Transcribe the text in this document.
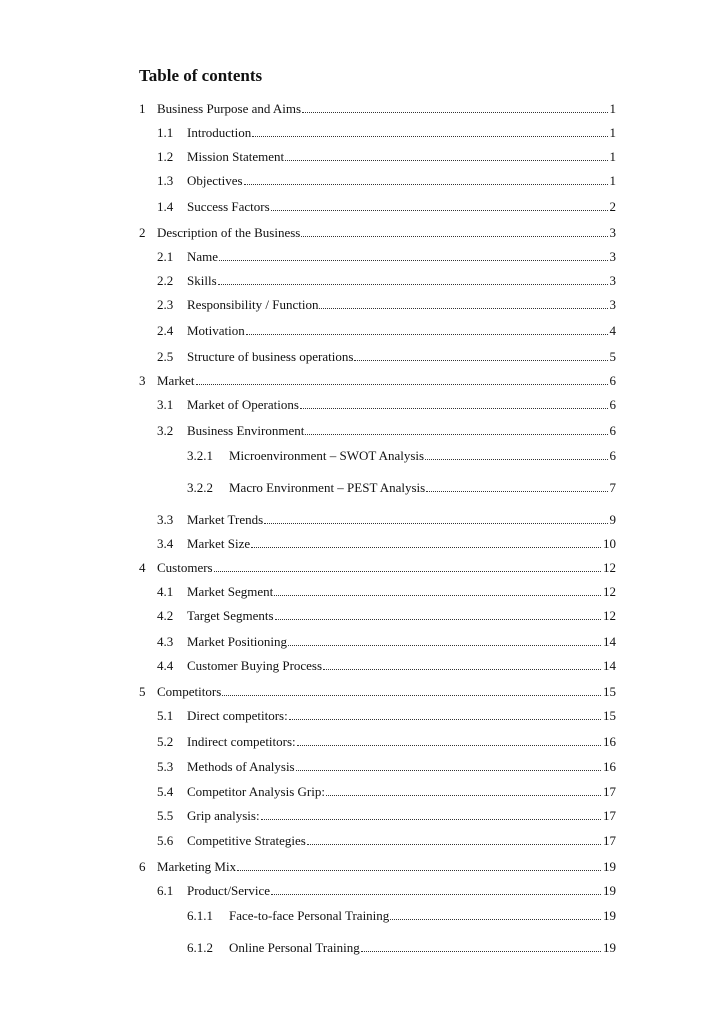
Table of contents
1 Business Purpose and Aims	1
1.1	Introduction	1
1.2	Mission Statement	1
1.3	Objectives	1
1.4	Success Factors	2
2 Description of the Business	3
2.1	Name	3
2.2	Skills	3
2.3	Responsibility / Function	3
2.4	Motivation	4
2.5	Structure of business operations	5
3 Market	6
3.1	Market of Operations	6
3.2	Business Environment	6
3.2.1	Microenvironment – SWOT Analysis	6
3.2.2	Macro Environment – PEST Analysis	7
3.3	Market Trends	9
3.4	Market Size	10
4 Customers	12
4.1	Market Segment	12
4.2	Target Segments	12
4.3	Market Positioning	14
4.4	Customer Buying Process	14
5 Competitors	15
5.1	Direct competitors:	15
5.2	Indirect competitors:	16
5.3	Methods of Analysis	16
5.4	Competitor Analysis Grip:	17
5.5	Grip analysis:	17
5.6	Competitive Strategies	17
6 Marketing Mix	19
6.1	Product/Service	19
6.1.1	Face-to-face Personal Training	19
6.1.2	Online Personal Training	19
